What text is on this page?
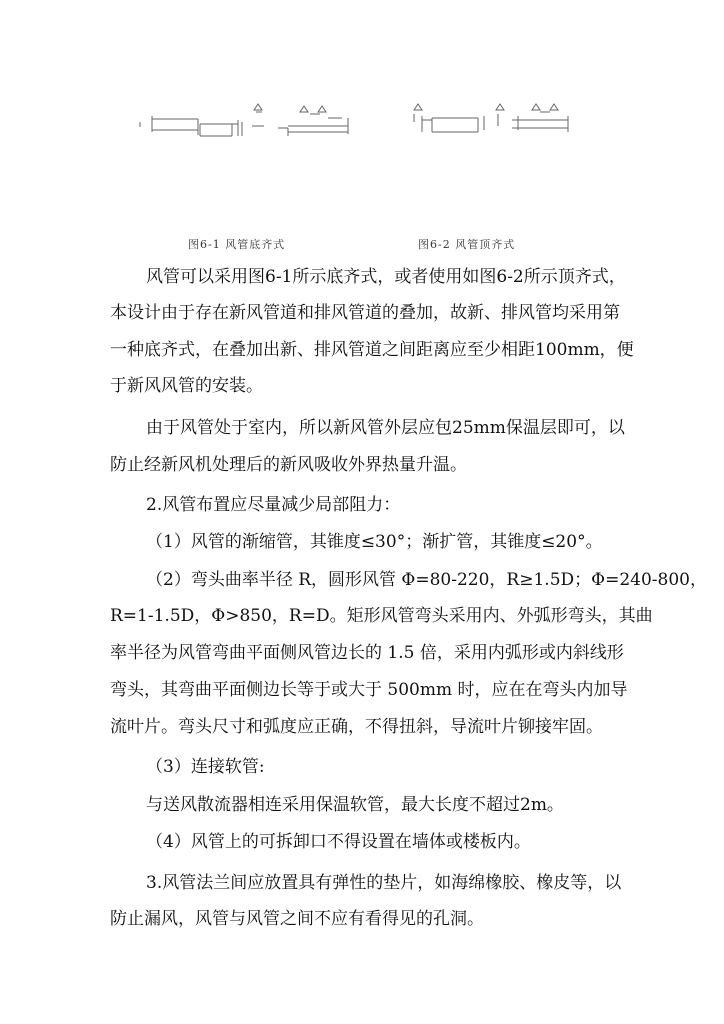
图6-1 风管底齐式	图6-2 风管顶齐式
风管可以采用图6-1所示底齐式，或者使用如图6-2所示顶齐式，
本设计由于存在新风管道和排风管道的叠加，故新、排风管均采用第
一种底齐式，在叠加出新、排风管道之间距离应至少相距100mm，便
于新风风管的安装。
由于风管处于室内，所以新风管外层应包25mm保温层即可，以
防止经新风机处理后的新风吸收外界热量升温。
2.风管布置应尽量减少局部阻力：
（1）风管的渐缩管，其锥度≤30°；渐扩管，其锥度≤20°。
（2）弯头曲率半径 R，圆形风管 Φ=80-220，R≥1.5D；Φ=240-800，
R=1-1.5D，Φ>850，R=D。矩形风管弯头采用内、外弧形弯头，其曲
率半径为风管弯曲平面侧风管边长的 1.5 倍，采用内弧形或内斜线形
弯头，其弯曲平面侧边长等于或大于 500mm 时，应在在弯头内加导
流叶片。弯头尺寸和弧度应正确，不得扭斜，导流叶片铆接牢固。
（3）连接软管:
与送风散流器相连采用保温软管，最大长度不超过2m。
（4）风管上的可拆卸口不得设置在墙体或楼板内。
3.风管法兰间应放置具有弹性的垫片，如海绵橡胶、橡皮等，以
防止漏风，风管与风管之间不应有看得见的孔洞。
